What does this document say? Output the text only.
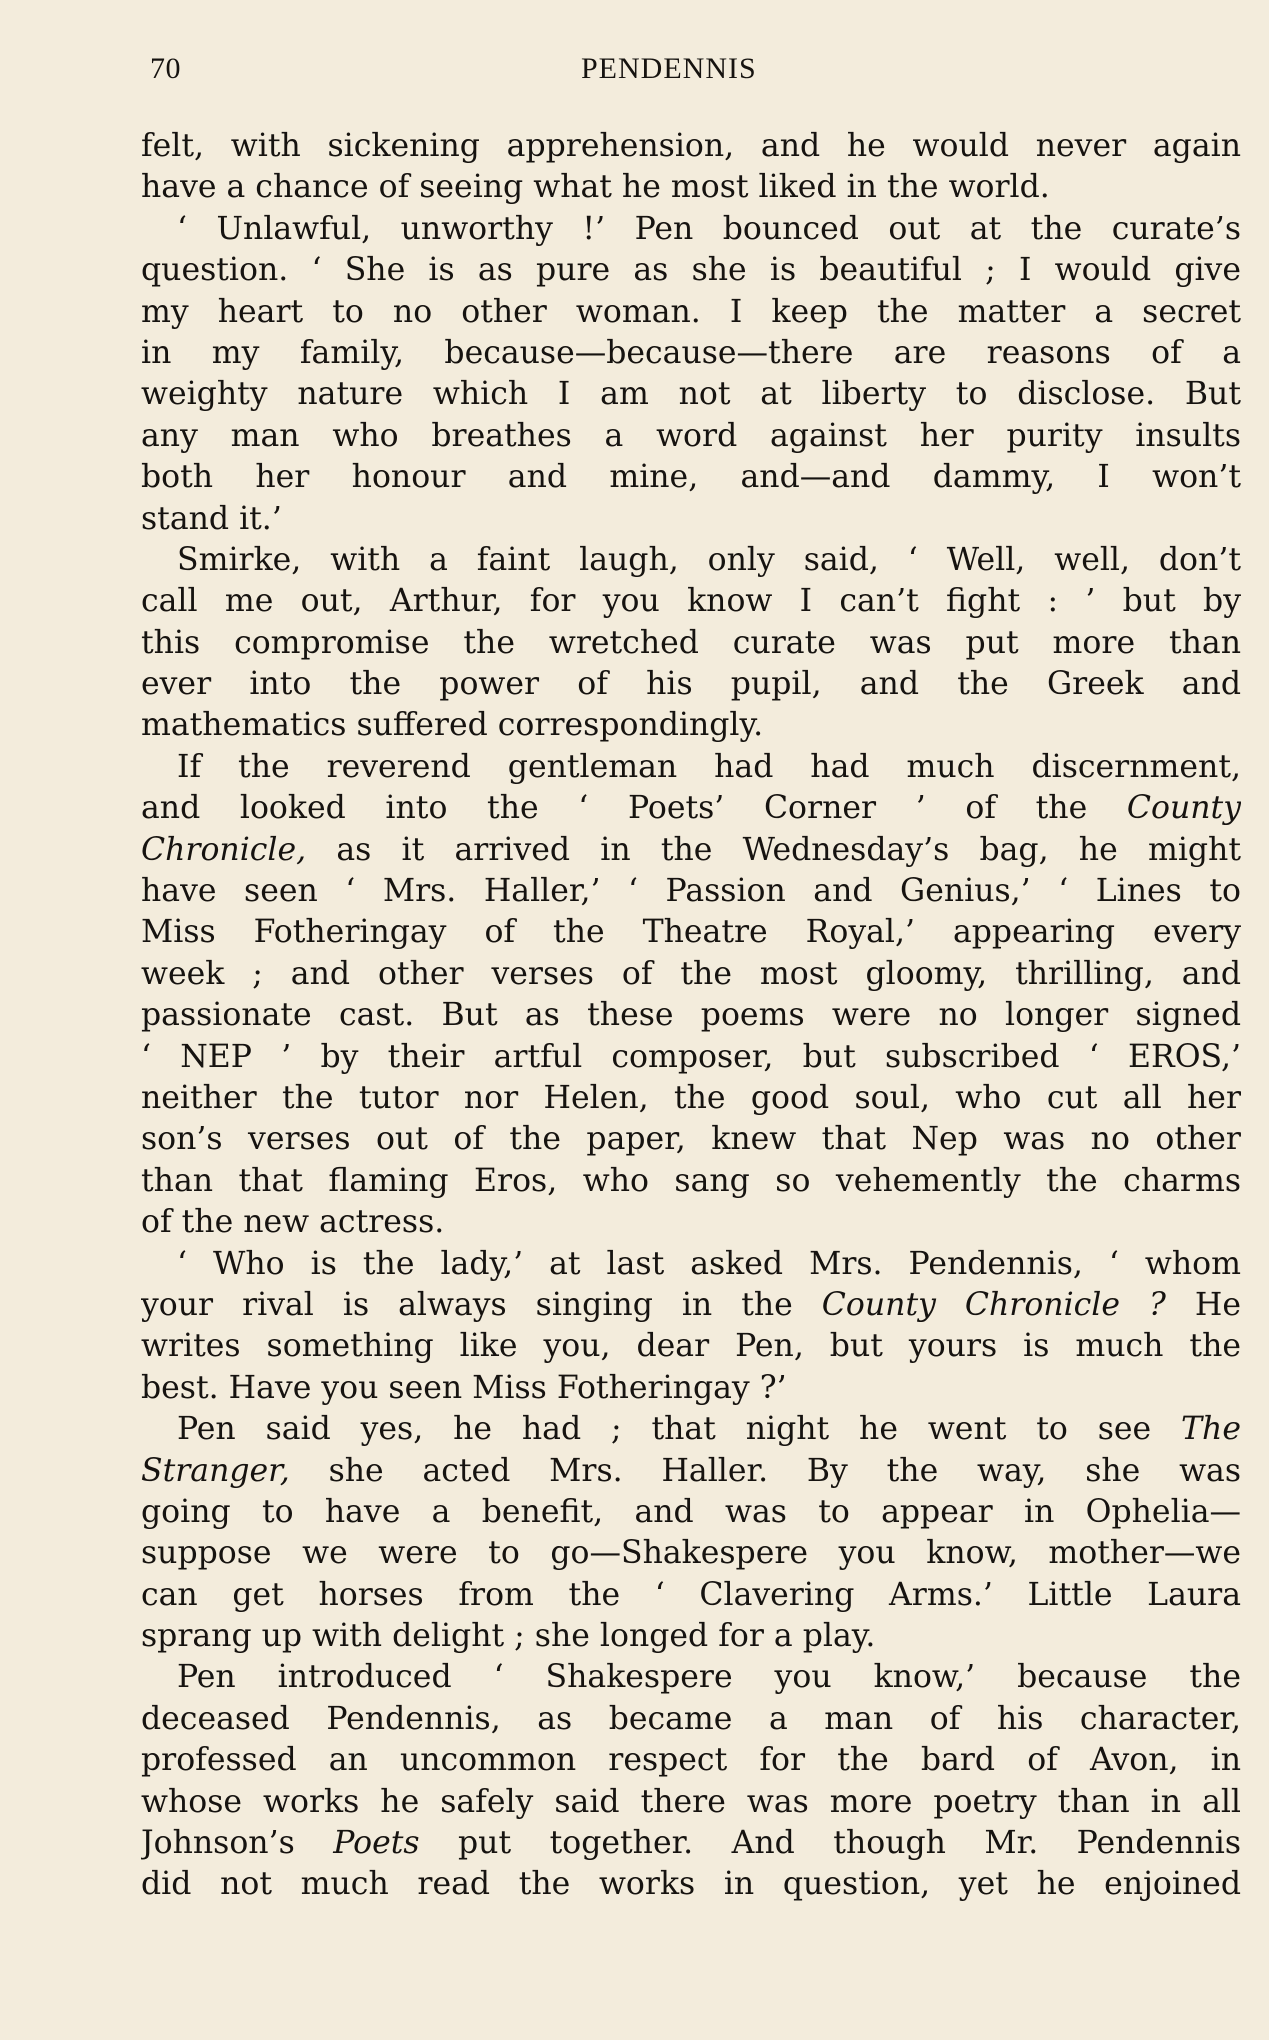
70	PENDENNIS
felt, with sickening apprehension, and he would never again
have a chance of seeing what he most liked in the world.
‘ Unlawful, unworthy !’ Pen bounced out at the curate’s
question. ‘ She is as pure as she is beautiful ; I would give
my heart to no other woman. I keep the matter a secret
in my family, because—because—there are reasons of a
weighty nature which I am not at liberty to disclose. But
any man who breathes a word against her purity insults
both her honour and mine, and—and dammy, I won’t
stand it.’
Smirke, with a faint laugh, only said, ‘ Well, well, don’t
call me out, Arthur, for you know I can’t fight : ’ but by
this compromise the wretched curate was put more than
ever into the power of his pupil, and the Greek and
mathematics suffered correspondingly.
If the reverend gentleman had had much discernment,
and looked into the ‘ Poets’ Corner ’ of the County
Chronicle, as it arrived in the Wednesday’s bag, he might
have seen ‘ Mrs. Haller,’ ‘ Passion and Genius,’ ‘ Lines to
Miss Fotheringay of the Theatre Royal,’ appearing every
week ; and other verses of the most gloomy, thrilling, and
passionate cast. But as these poems were no longer signed
‘ NEP ’ by their artful composer, but subscribed ‘ EROS,’
neither the tutor nor Helen, the good soul, who cut all her
son’s verses out of the paper, knew that Nep was no other
than that flaming Eros, who sang so vehemently the charms
of the new actress.
‘ Who is the lady,’ at last asked Mrs. Pendennis, ‘ whom
your rival is always singing in the County Chronicle ? He
writes something like you, dear Pen, but yours is much the
best. Have you seen Miss Fotheringay ?’
Pen said yes, he had ; that night he went to see The
Stranger, she acted Mrs. Haller. By the way, she was
going to have a benefit, and was to appear in Ophelia—
suppose we were to go—Shakespere you know, mother—we
can get horses from the ‘ Clavering Arms.’ Little Laura
sprang up with delight ; she longed for a play.
Pen introduced ‘ Shakespere you know,’ because the
deceased Pendennis, as became a man of his character,
professed an uncommon respect for the bard of Avon, in
whose works he safely said there was more poetry than in all
Johnson’s Poets put together. And though Mr. Pendennis
did not much read the works in question, yet he enjoined
